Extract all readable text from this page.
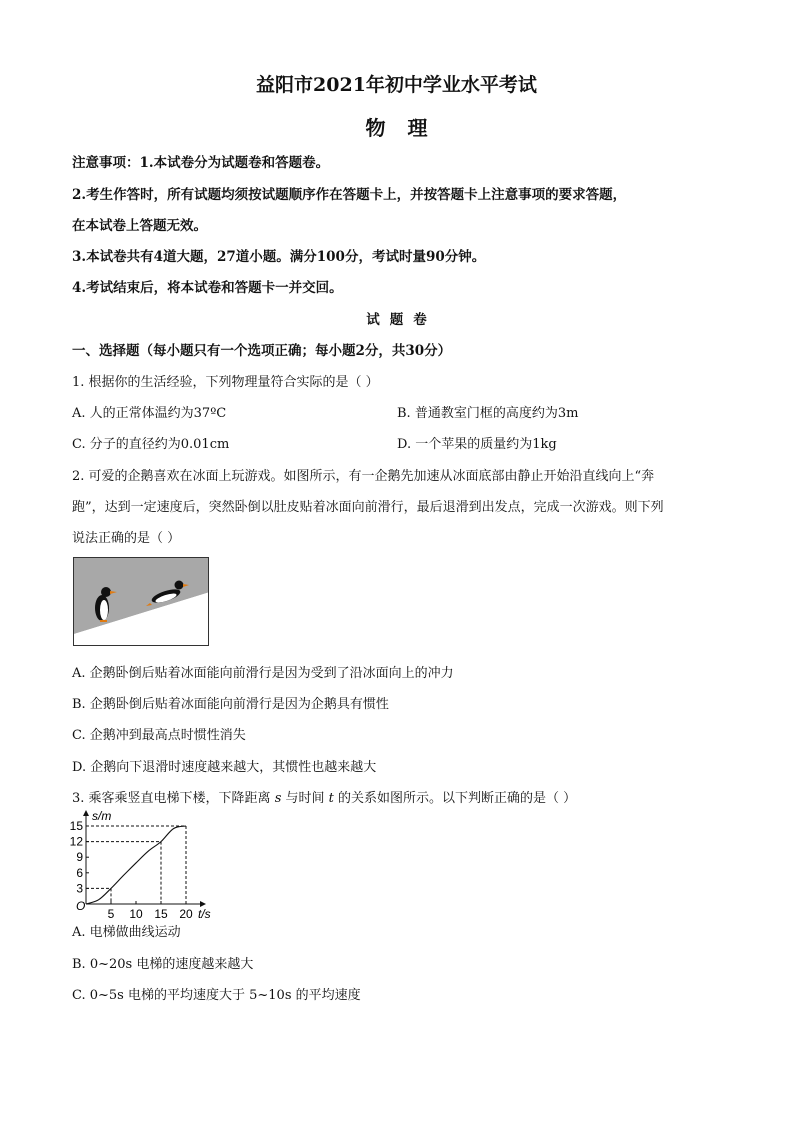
益阳市2021年初中学业水平考试
物理
注意事项：1.本试卷分为试题卷和答题卷。
2.考生作答时，所有试题均须按试题顺序作在答题卡上，并按答题卡上注意事项的要求答题，
在本试卷上答题无效。
3.本试卷共有4道大题，27道小题。满分100分，考试时量90分钟。
4.考试结束后，将本试卷和答题卡一并交回。
试题卷
一、选择题（每小题只有一个选项正确；每小题2分，共30分）
1. 根据你的生活经验，下列物理量符合实际的是（ ）
A. 人的正常体温约为37ºC	B. 普通教室门框的高度约为3m
C. 分子的直径约为0.01cm	D. 一个苹果的质量约为1kg
2. 可爱的企鹅喜欢在冰面上玩游戏。如图所示，有一企鹅先加速从冰面底部由静止开始沿直线向上“奔
跑”，达到一定速度后，突然卧倒以肚皮贴着冰面向前滑行，最后退滑到出发点，完成一次游戏。则下列
说法正确的是（ ）
A. 企鹅卧倒后贴着冰面能向前滑行是因为受到了沿冰面向上的冲力
B. 企鹅卧倒后贴着冰面能向前滑行是因为企鹅具有惯性
C. 企鹅冲到最高点时惯性消失
D. 企鹅向下退滑时速度越来越大，其惯性也越来越大
3. 乘客乘竖直电梯下楼，下降距离 s 与时间 t 的关系如图所示。以下判断正确的是（ ）
5 10 15 20
3
6
9
12
15
s/m
t/s
O
A. 电梯做曲线运动
B. 0~20s 电梯的速度越来越大
C. 0~5s 电梯的平均速度大于 5~10s 的平均速度
